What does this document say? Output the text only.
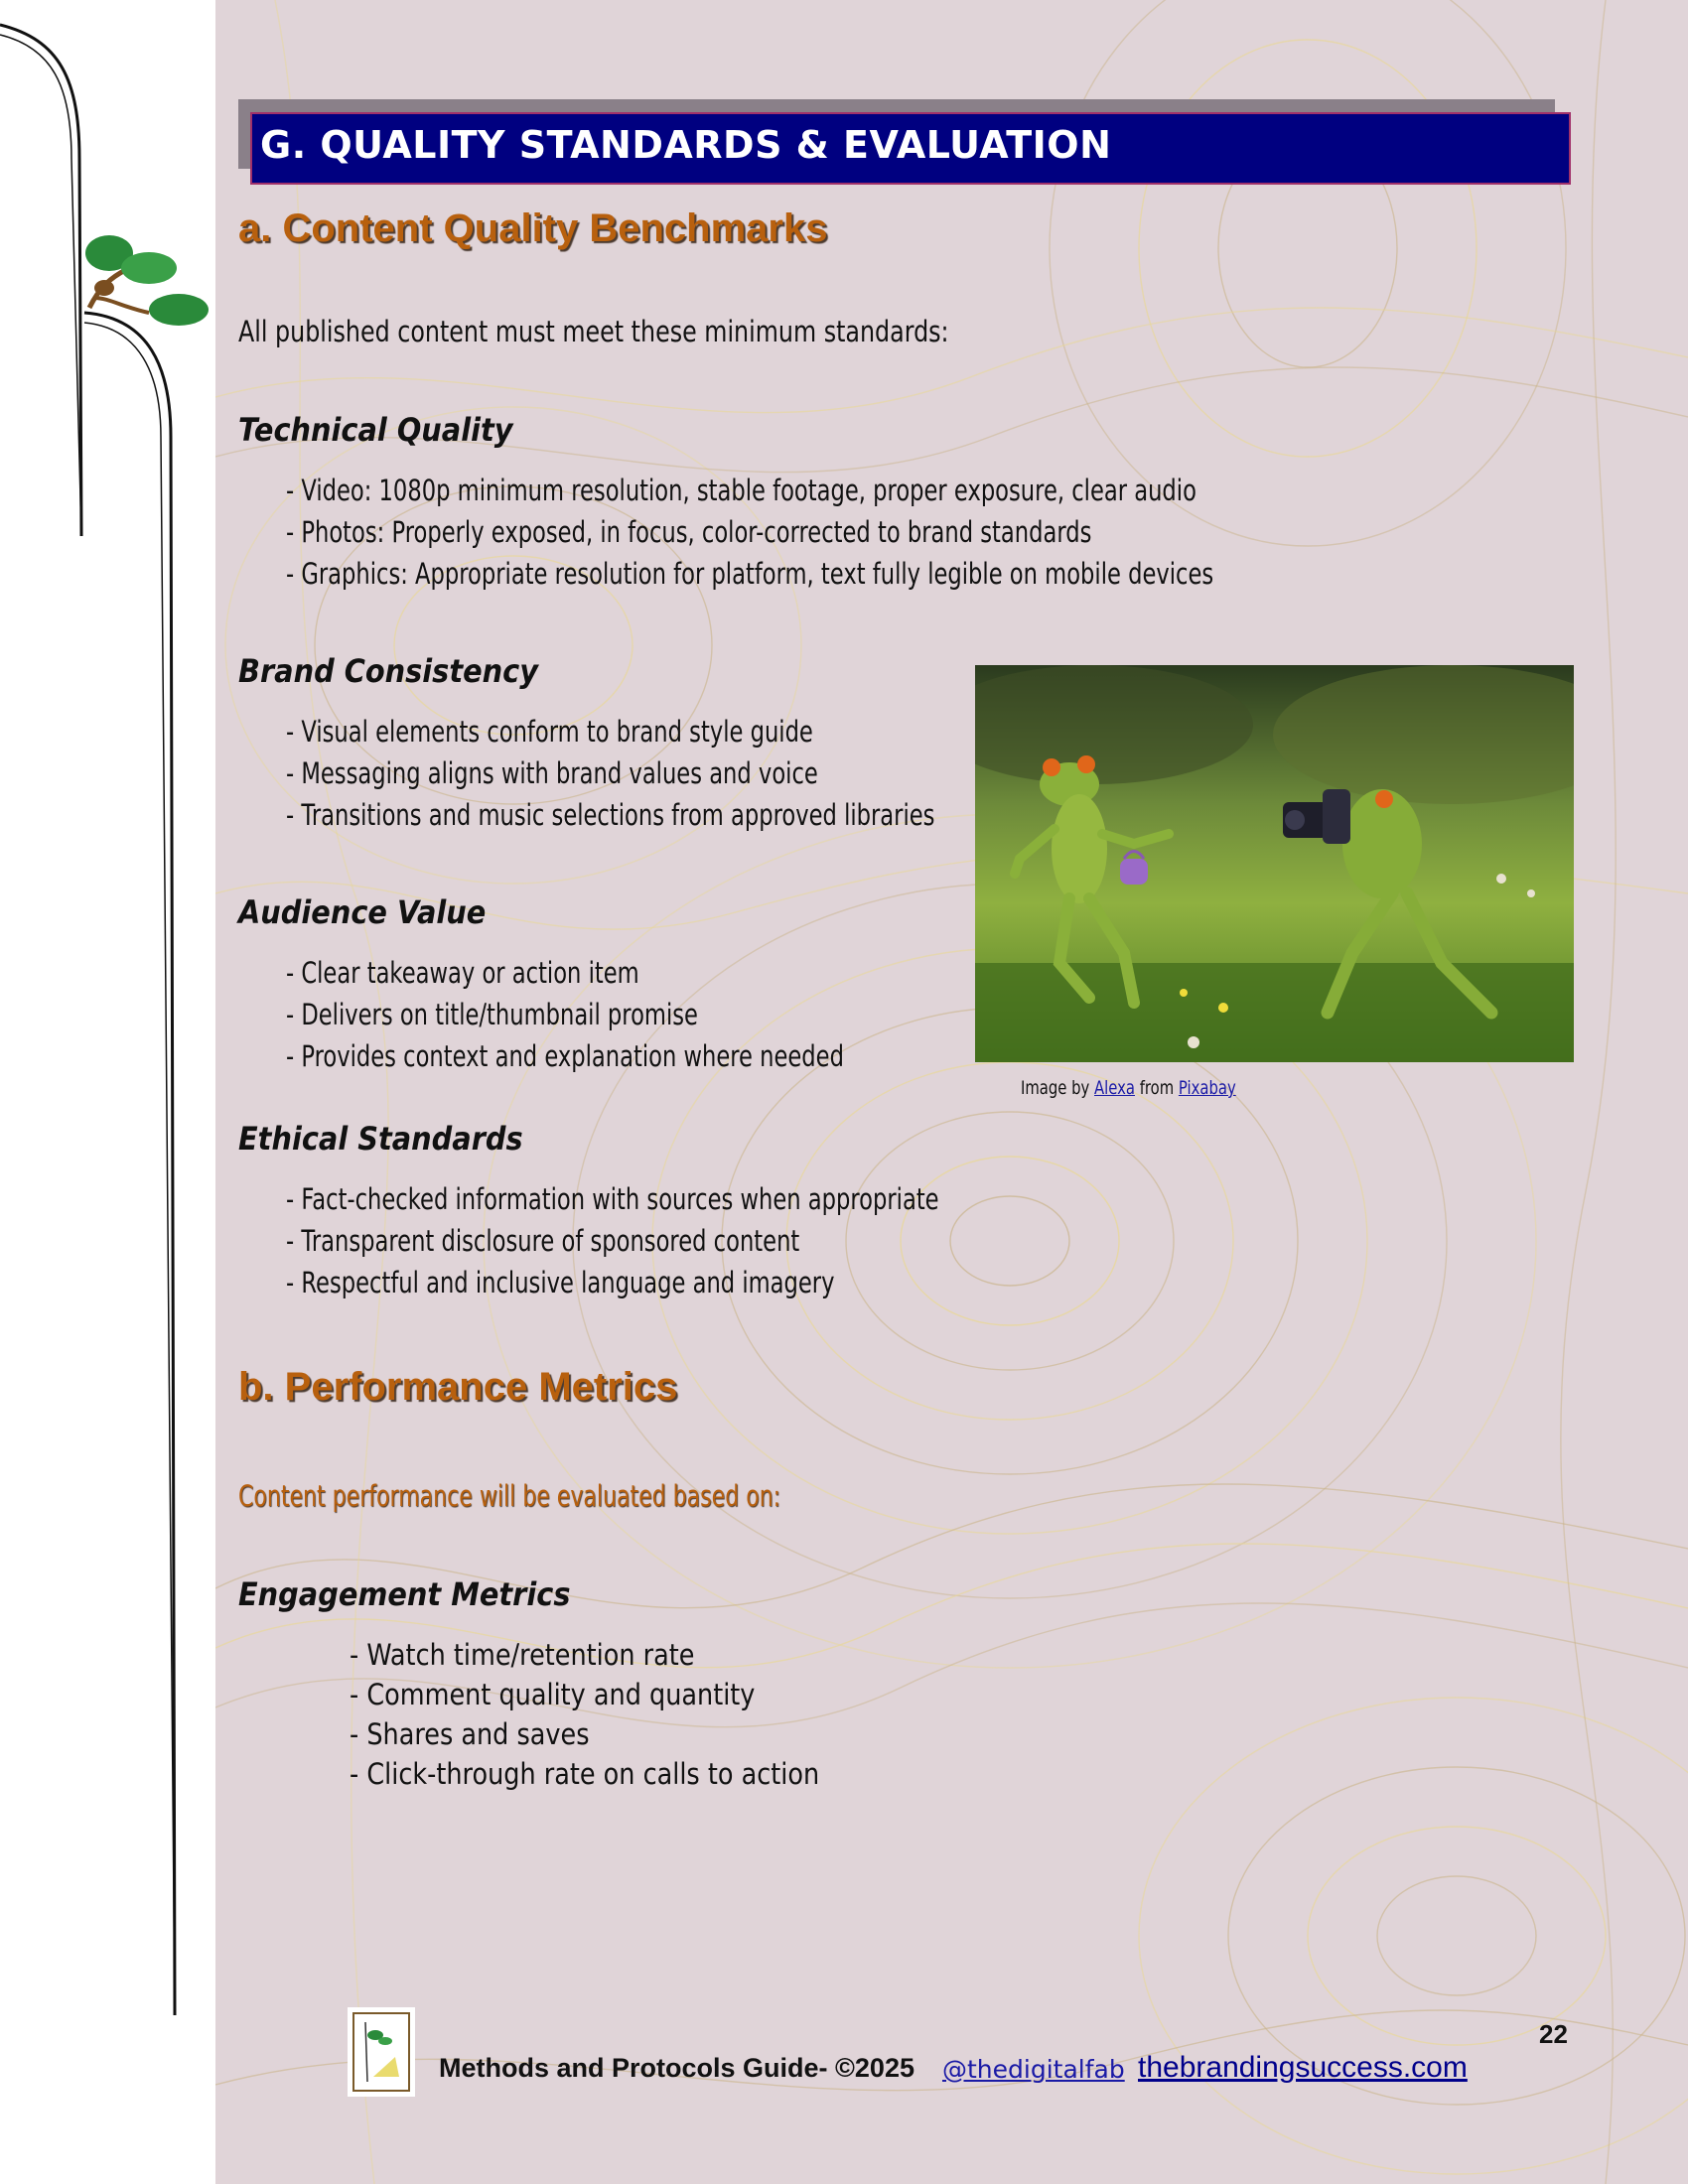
G. QUALITY STANDARDS & EVALUATION
a. Content Quality Benchmarks
All published content must meet these minimum standards:
Technical Quality
- Video: 1080p minimum resolution, stable footage, proper exposure, clear audio
- Photos: Properly exposed, in focus, color-corrected to brand standards
- Graphics: Appropriate resolution for platform, text fully legible on mobile devices
Brand Consistency
- Visual elements conform to brand style guide
- Messaging aligns with brand values and voice
- Transitions and music selections from approved libraries
Audience Value
- Clear takeaway or action item
- Delivers on title/thumbnail promise
- Provides context and explanation where needed
Ethical Standards
- Fact-checked information with sources when appropriate
- Transparent disclosure of sponsored content
- Respectful and inclusive language and imagery
Image by Alexa from Pixabay
b. Performance Metrics
Content performance will be evaluated based on:
Engagement Metrics
- Watch time/retention rate
- Comment quality and quantity
- Shares and saves
- Click-through rate on calls to action
Methods and Protocols Guide- ©2025 @thedigitalfab thebrandingsuccess.com
22
